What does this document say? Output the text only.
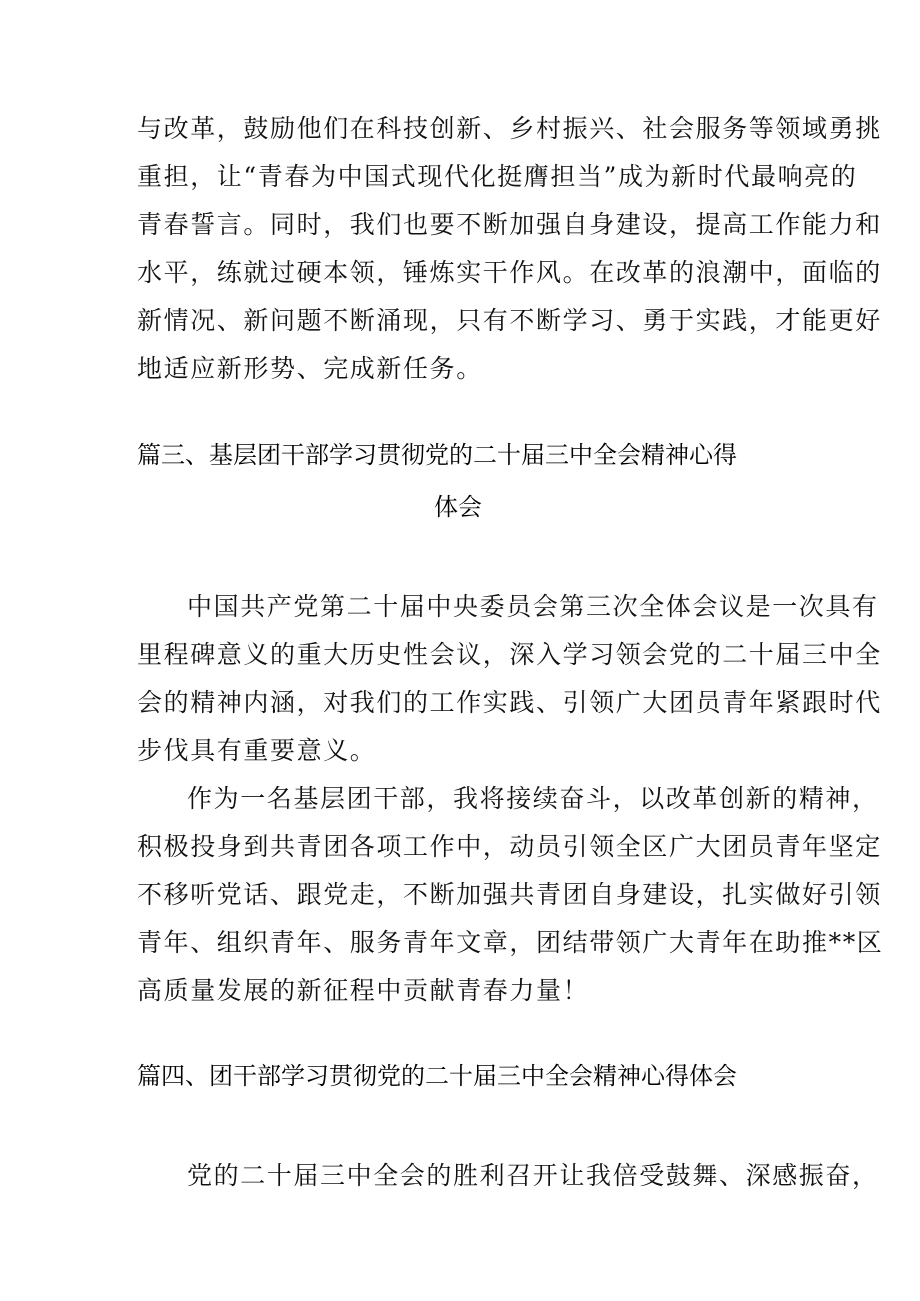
与改革，鼓励他们在科技创新、乡村振兴、社会服务等领域勇挑
重担，让“青春为中国式现代化挺膺担当”成为新时代最响亮的
青春誓言。同时，我们也要不断加强自身建设，提高工作能力和
水平，练就过硬本领，锤炼实干作风。在改革的浪潮中，面临的
新情况、新问题不断涌现，只有不断学习、勇于实践，才能更好
地适应新形势、完成新任务。
篇三、基层团干部学习贯彻党的二十届三中全会精神心得
体会
中国共产党第二十届中央委员会第三次全体会议是一次具有
里程碑意义的重大历史性会议，深入学习领会党的二十届三中全
会的精神内涵，对我们的工作实践、引领广大团员青年紧跟时代
步伐具有重要意义。
作为一名基层团干部，我将接续奋斗，以改革创新的精神，
积极投身到共青团各项工作中，动员引领全区广大团员青年坚定
不移听党话、跟党走，不断加强共青团自身建设，扎实做好引领
青年、组织青年、服务青年文章，团结带领广大青年在助推**区
高质量发展的新征程中贡献青春力量！
篇四、团干部学习贯彻党的二十届三中全会精神心得体会
党的二十届三中全会的胜利召开让我倍受鼓舞、深感振奋，
